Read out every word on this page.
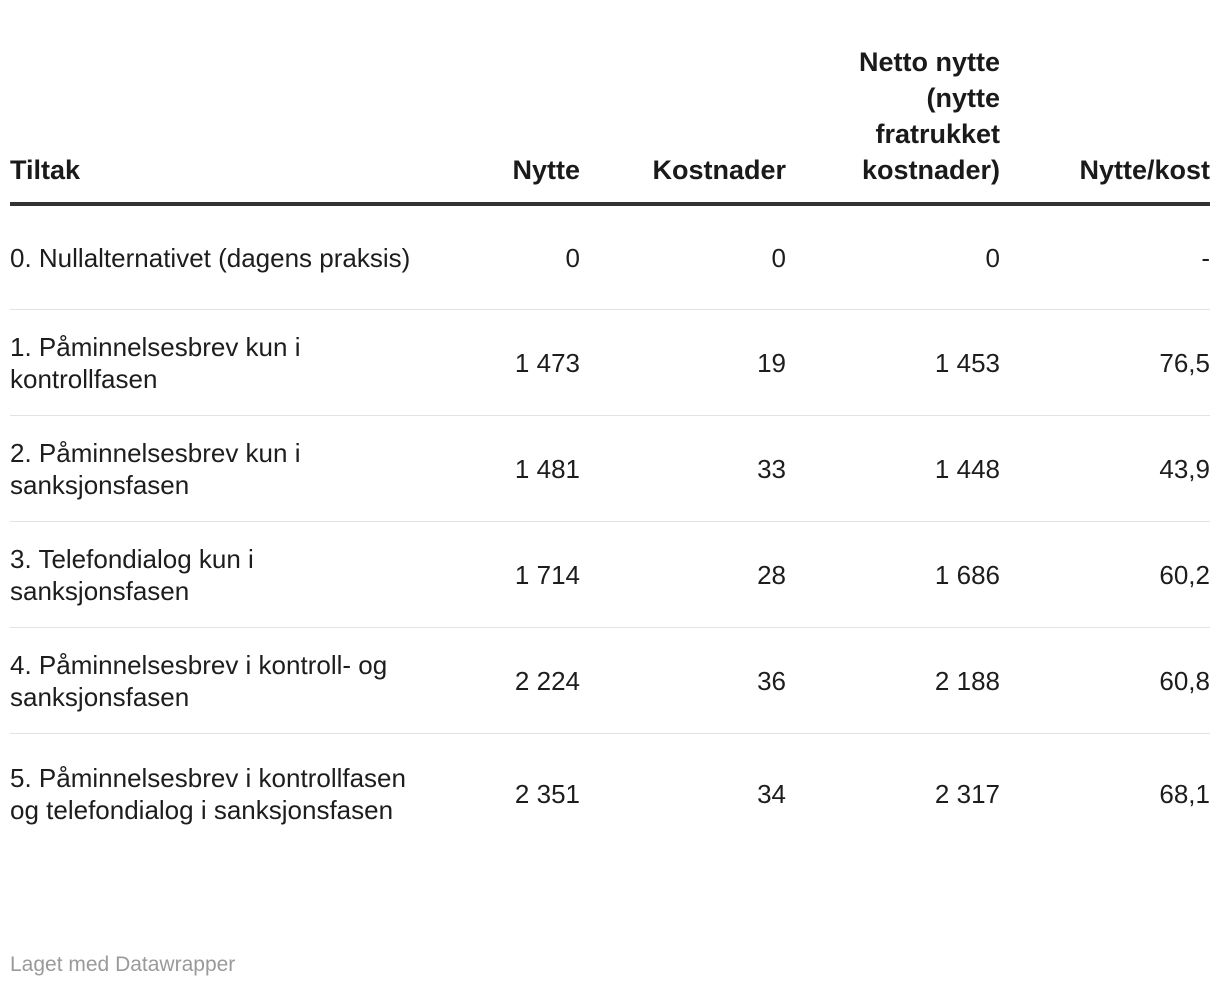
Tiltak	Nytte	Kostnader	Netto nytte (nytte fratrukket kostnader)	Nytte/kost
0. Nullalternativet (dagens praksis)	0	0	0	-
1. Påminnelsesbrev kun i kontrollfasen	1 473	19	1 453	76,5
2. Påminnelsesbrev kun i sanksjonsfasen	1 481	33	1 448	43,9
3. Telefondialog kun i sanksjonsfasen	1 714	28	1 686	60,2
4. Påminnelsesbrev i kontroll- og sanksjonsfasen	2 224	36	2 188	60,8
5. Påminnelsesbrev i kontrollfasen og telefondialog i sanksjonsfasen	2 351	34	2 317	68,1
Laget med Datawrapper
